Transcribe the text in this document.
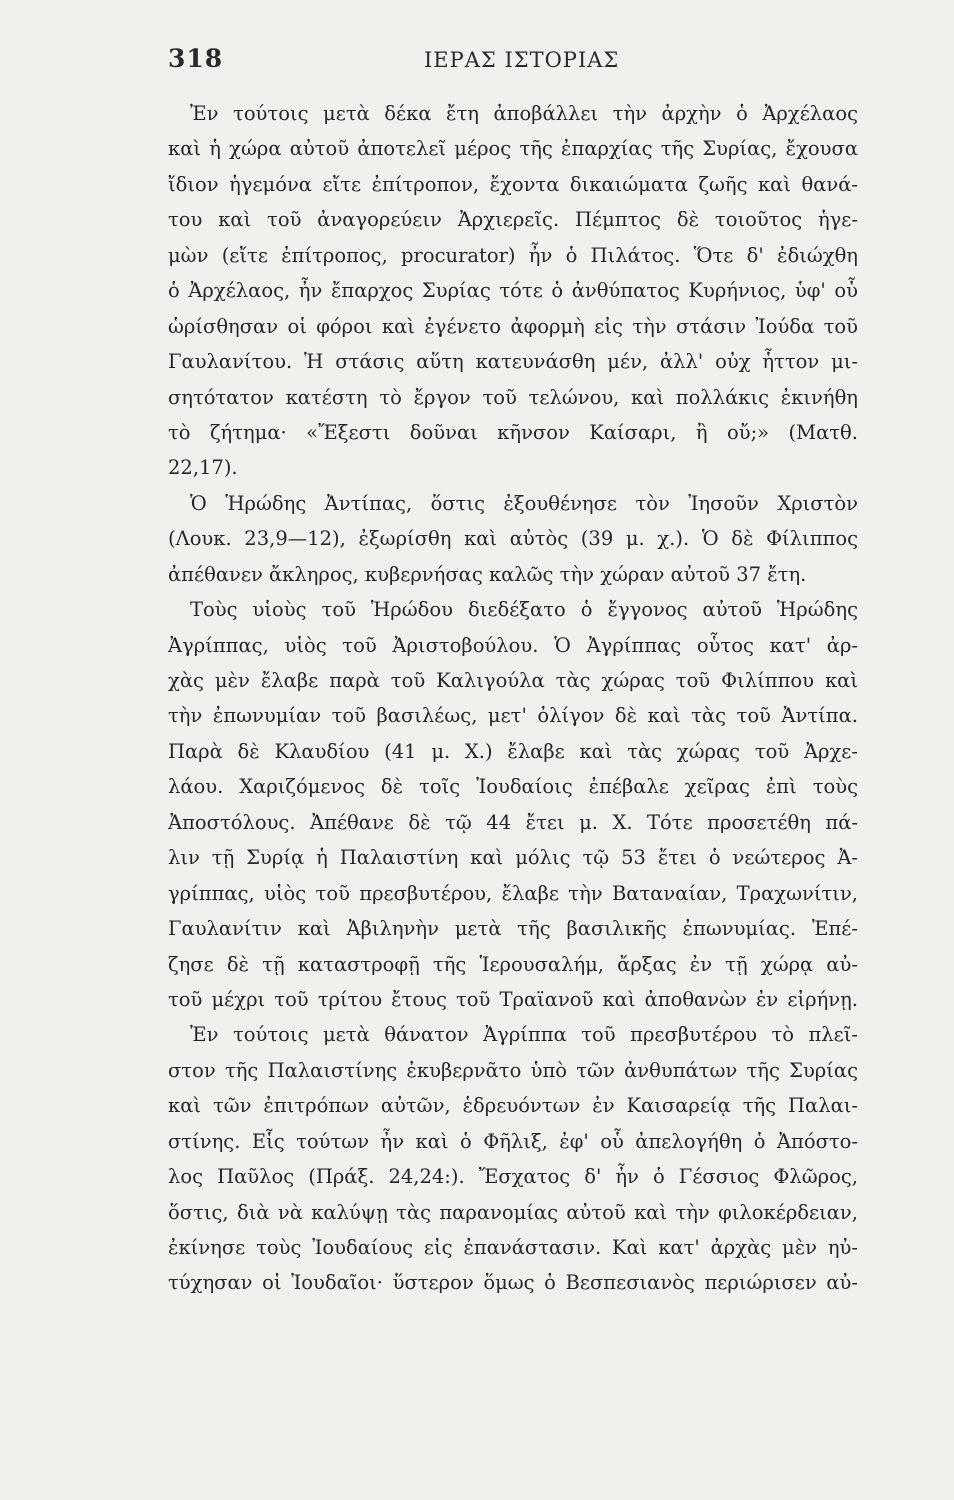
318	ΙΕΡΑΣ ΙΣΤΟΡΙΑΣ
Ἐν τούτοις μετὰ δέκα ἔτη ἀποβάλλει τὴν ἀρχὴν ὁ Ἀρχέλαος
καὶ ἡ χώρα αὐτοῦ ἀποτελεῖ μέρος τῆς ἐπαρχίας τῆς Συρίας, ἔχουσα
ἴδιον ἡγεμόνα εἴτε ἐπίτροπον, ἔχοντα δικαιώματα ζωῆς καὶ θανά-
του καὶ τοῦ ἀναγορεύειν Ἀρχιερεῖς. Πέμπτος δὲ τοιοῦτος ἡγε-
μὼν (εἴτε ἐπίτροπος, procurator) ἦν ὁ Πιλάτος. Ὅτε δ' ἐδιώχθη
ὁ Ἀρχέλαος, ἦν ἔπαρχος Συρίας τότε ὁ ἀνθύπατος Κυρήνιος, ὑφ' οὗ
ὡρίσθησαν οἱ φόροι καὶ ἐγένετο ἀφορμὴ εἰς τὴν στάσιν Ἰούδα τοῦ
Γαυλανίτου. Ἡ στάσις αὕτη κατευνάσθη μέν, ἀλλ' οὐχ ἧττον μι-
σητότατον κατέστη τὸ ἔργον τοῦ τελώνου, καὶ πολλάκις ἐκινήθη
τὸ ζήτημα· «Ἔξεστι δοῦναι κῆνσον Καίσαρι, ἢ οὔ;» (Ματθ.
22,17).
Ὁ Ἡρώδης Ἀντίπας, ὅστις ἐξουθένησε τὸν Ἰησοῦν Χριστὸν
(Λουκ. 23,9—12), ἐξωρίσθη καὶ αὐτὸς (39 μ. χ.). Ὁ δὲ Φίλιππος
ἀπέθανεν ἄκληρος, κυβερνήσας καλῶς τὴν χώραν αὐτοῦ 37 ἔτη.
Τοὺς υἱοὺς τοῦ Ἡρώδου διεδέξατο ὁ ἔγγονος αὐτοῦ Ἡρώδης
Ἀγρίππας, υἱὸς τοῦ Ἀριστοβούλου. Ὁ Ἀγρίππας οὗτος κατ' ἀρ-
χὰς μὲν ἔλαβε παρὰ τοῦ Καλιγούλα τὰς χώρας τοῦ Φιλίππου καὶ
τὴν ἐπωνυμίαν τοῦ βασιλέως, μετ' ὀλίγον δὲ καὶ τὰς τοῦ Ἀντίπα.
Παρὰ δὲ Κλαυδίου (41 μ. Χ.) ἔλαβε καὶ τὰς χώρας τοῦ Ἀρχε-
λάου. Χαριζόμενος δὲ τοῖς Ἰουδαίοις ἐπέβαλε χεῖρας ἐπὶ τοὺς
Ἀποστόλους. Ἀπέθανε δὲ τῷ 44 ἔτει μ. Χ. Τότε προσετέθη πά-
λιν τῇ Συρίᾳ ἡ Παλαιστίνη καὶ μόλις τῷ 53 ἔτει ὁ νεώτερος Ἀ-
γρίππας, υἱὸς τοῦ πρεσβυτέρου, ἔλαβε τὴν Βαταναίαν, Τραχωνίτιν,
Γαυλανίτιν καὶ Ἀβιληνὴν μετὰ τῆς βασιλικῆς ἐπωνυμίας. Ἐπέ-
ζησε δὲ τῇ καταστροφῇ τῆς Ἱερουσαλήμ, ἄρξας ἐν τῇ χώρᾳ αὐ-
τοῦ μέχρι τοῦ τρίτου ἔτους τοῦ Τραϊανοῦ καὶ ἀποθανὼν ἐν εἰρήνῃ.
Ἐν τούτοις μετὰ θάνατον Ἀγρίππα τοῦ πρεσβυτέρου τὸ πλεῖ-
στον τῆς Παλαιστίνης ἐκυβερνᾶτο ὑπὸ τῶν ἀνθυπάτων τῆς Συρίας
καὶ τῶν ἐπιτρόπων αὐτῶν, ἑδρευόντων ἐν Καισαρείᾳ τῆς Παλαι-
στίνης. Εἷς τούτων ἦν καὶ ὁ Φῆλιξ, ἐφ' οὗ ἀπελογήθη ὁ Ἀπόστο-
λος Παῦλος (Πράξ. 24,24:). Ἔσχατος δ' ἦν ὁ Γέσσιος Φλῶρος,
ὅστις, διὰ νὰ καλύψῃ τὰς παρανομίας αὐτοῦ καὶ τὴν φιλοκέρδειαν,
ἐκίνησε τοὺς Ἰουδαίους εἰς ἐπανάστασιν. Καὶ κατ' ἀρχὰς μὲν ηὐ-
τύχησαν οἱ Ἰουδαῖοι· ὕστερον ὅμως ὁ Βεσπεσιανὸς περιώρισεν αὐ-
